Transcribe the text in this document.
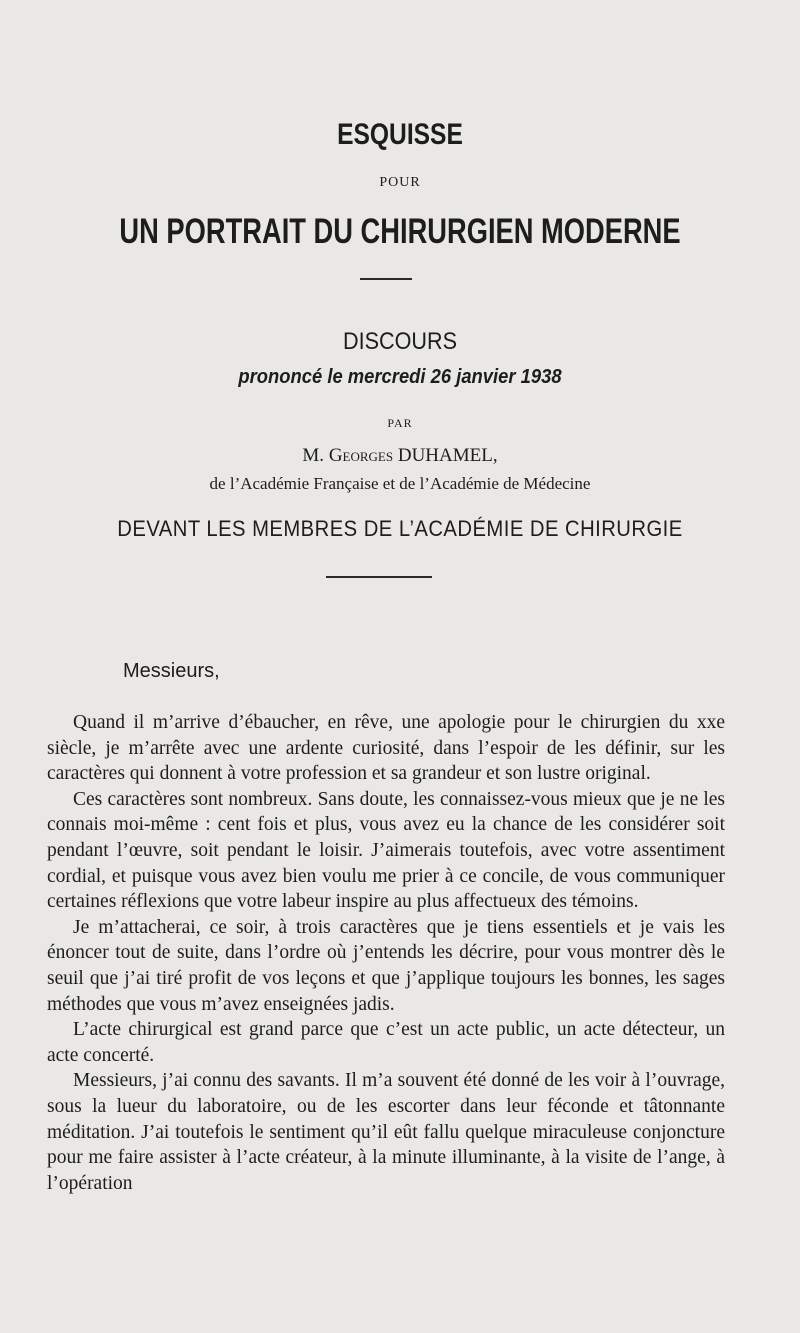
ESQUISSE
POUR
UN PORTRAIT DU CHIRURGIEN MODERNE
DISCOURS
prononcé le mercredi 26 janvier 1938
PAR
M. Georges DUHAMEL,
de l’Académie Française et de l’Académie de Médecine
DEVANT LES MEMBRES DE L’ACADÉMIE DE CHIRURGIE
Messieurs,

Quand il m’arrive d’ébaucher, en rêve, une apologie pour le chirurgien du xxe siècle, je m’arrête avec une ardente curiosité, dans l’espoir de les définir, sur les caractères qui donnent à votre profession et sa grandeur et son lustre original.

Ces caractères sont nombreux. Sans doute, les connaissez-vous mieux que je ne les connais moi-même : cent fois et plus, vous avez eu la chance de les considérer soit pendant l’œuvre, soit pendant le loisir. J’aimerais toutefois, avec votre assentiment cordial, et puisque vous avez bien voulu me prier à ce concile, de vous communiquer certaines réflexions que votre labeur inspire au plus affectueux des témoins.

Je m’attacherai, ce soir, à trois caractères que je tiens essentiels et je vais les énoncer tout de suite, dans l’ordre où j’entends les décrire, pour vous montrer dès le seuil que j’ai tiré profit de vos leçons et que j’applique toujours les bonnes, les sages méthodes que vous m’avez enseignées jadis.

L’acte chirurgical est grand parce que c’est un acte public, un acte détecteur, un acte concerté.

Messieurs, j’ai connu des savants. Il m’a souvent été donné de les voir à l’ouvrage, sous la lueur du laboratoire, ou de les escorter dans leur féconde et tâtonnante méditation. J’ai toutefois le sentiment qu’il eût fallu quelque miraculeuse conjoncture pour me faire assister à l’acte créateur, à la minute illuminante, à la visite de l’ange, à l’opération
